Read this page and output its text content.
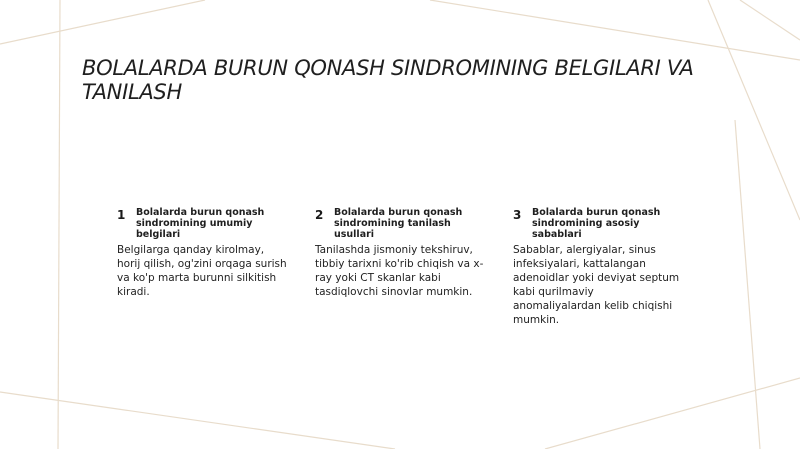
BOLALARDA BURUN QONASH SINDROMINING BELGILARI VA TANILASH
1	Bolalarda burun qonash sindromining umumiy belgilari
Belgilarga qanday kirolmay, horij qilish, og'zini orqaga surish va ko'p marta burunni silkitish kiradi.
2	Bolalarda burun qonash sindromining tanilash usullari
Tanilashda jismoniy tekshiruv, tibbiy tarixni ko'rib chiqish va x-ray yoki CT skanlar kabi tasdiqlovchi sinovlar mumkin.
3	Bolalarda burun qonash sindromining asosiy sabablari
Sabablar, alergiyalar, sinus infeksiyalari, kattalangan adenoidlar yoki deviyat septum kabi qurilmaviy anomaliyalardan kelib chiqishi mumkin.
